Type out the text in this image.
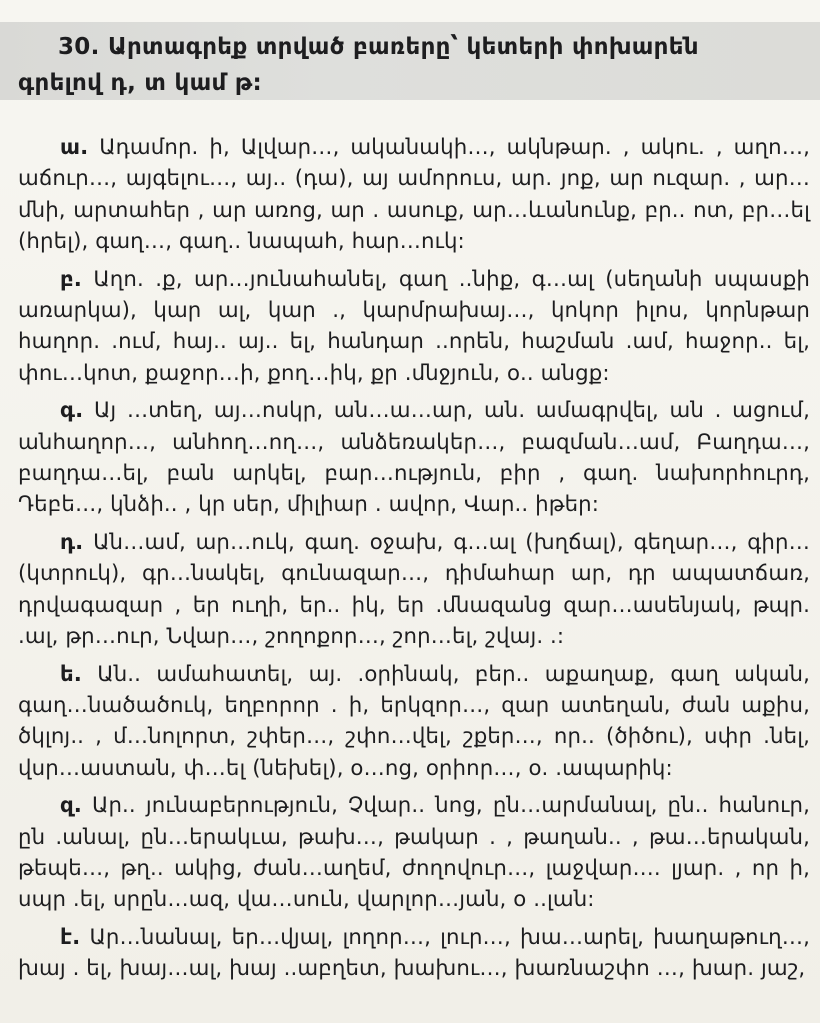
30. Արտագրեք տրված բառերը՝ կետերի փոխարեն
գրելով դ, տ կամ թ:

ա. Ադամոր. ի, Ալվար…, ականակի…, ակնթար. , ակու. , աղո…, աճուր…, այգելու…, այ.. (դա), այ ամորուս, ար. յոք, ար ուզար. , ար…մնի, արտահեր , ար առոց, ար . ասուք, ար…ևանունք, բր.. ոտ, բր…ել (հրել), գաղ…, գաղ.. նապահ, հար…ուկ:

բ. Աղո. .ք, ար…յունահանել, գաղ ..նիք, գ…ալ (սեղանի սպասքի առարկա), կար ալ, կար ., կարմրախայ…, կոկոր իլոս, կորնթար հաղոր. .ում, հայ.. այ.. ել, հանդար ..որեն, հաշման .ամ, հաջոր.. ել, փու…կոտ, քաջոր…ի, քող…իկ, քր .մնջյուն, օ.. անցք:

գ. Այ …տեղ, այ…ոսկր, ան…ա…ար, ան. ամագրվել, ան . ացում, անհաղոր…, անհող…ող…, անձեռակեր…, բազման…ամ, Բաղդա…, բաղդա…ել, բան արկել, բար…ություն, բիր , գաղ. նախորհուրդ, Դեբե…, կնձի.. , կր սեր, միլիար . ավոր, Վար.. իթեր:

դ. Ան…ամ, ար…ուկ, գաղ. օջախ, գ…ալ (խղճալ), գեղար…, գիր… (կտրուկ), գր…նակել, գունազար…, դիմահար ար, դր ապատճառ, դրվագազար , եր ուղի, եր.. իկ, եր .մնազանց զար…ասենյակ, թպր. .ալ, թր…ուր, Նվար…, շողոքոր…, շոր…ել, շվայ. .:

ե. Ան.. ամահատել, այ. .օրինակ, բեր.. աքաղաք, գաղ ական, գաղ…նածածուկ, եղբորոր . ի, երկզոր…, զար ատեղան, ժան աքիս, ծկլոյ.. , մ…նոլորտ, շփեր…, շփո…վել, շքեր…, որ.. (ծիծու), սփր .նել, վսր…աստան, փ…ել (նեխել), օ…ոց, օրիոր…, օ. .ապարիկ:

զ. Ար.. յունաբերություն, Չվար.. նոց, ըն…արմանալ, ըն.. հանուր, ըն .անալ, ըն…երակւա, թախ…, թակար . , թաղան.. , թա…երական, թեպե…, թղ.. ակից, ժան…աղեմ, ժողովուր…, լաջվար…. լյար. , որ ի, սպր .ել, սրըն…ազ, վա…սուն, վարլոր…յան, օ ..լան:

է. Ար…նանալ, եր…վյալ, լողոր…, լուր…, խա…արել, խաղաթուղ…, խայ . ել, խայ…ալ, խայ ..աբղետ, խախու…, խառնաշփո …, խար. յաշ,
